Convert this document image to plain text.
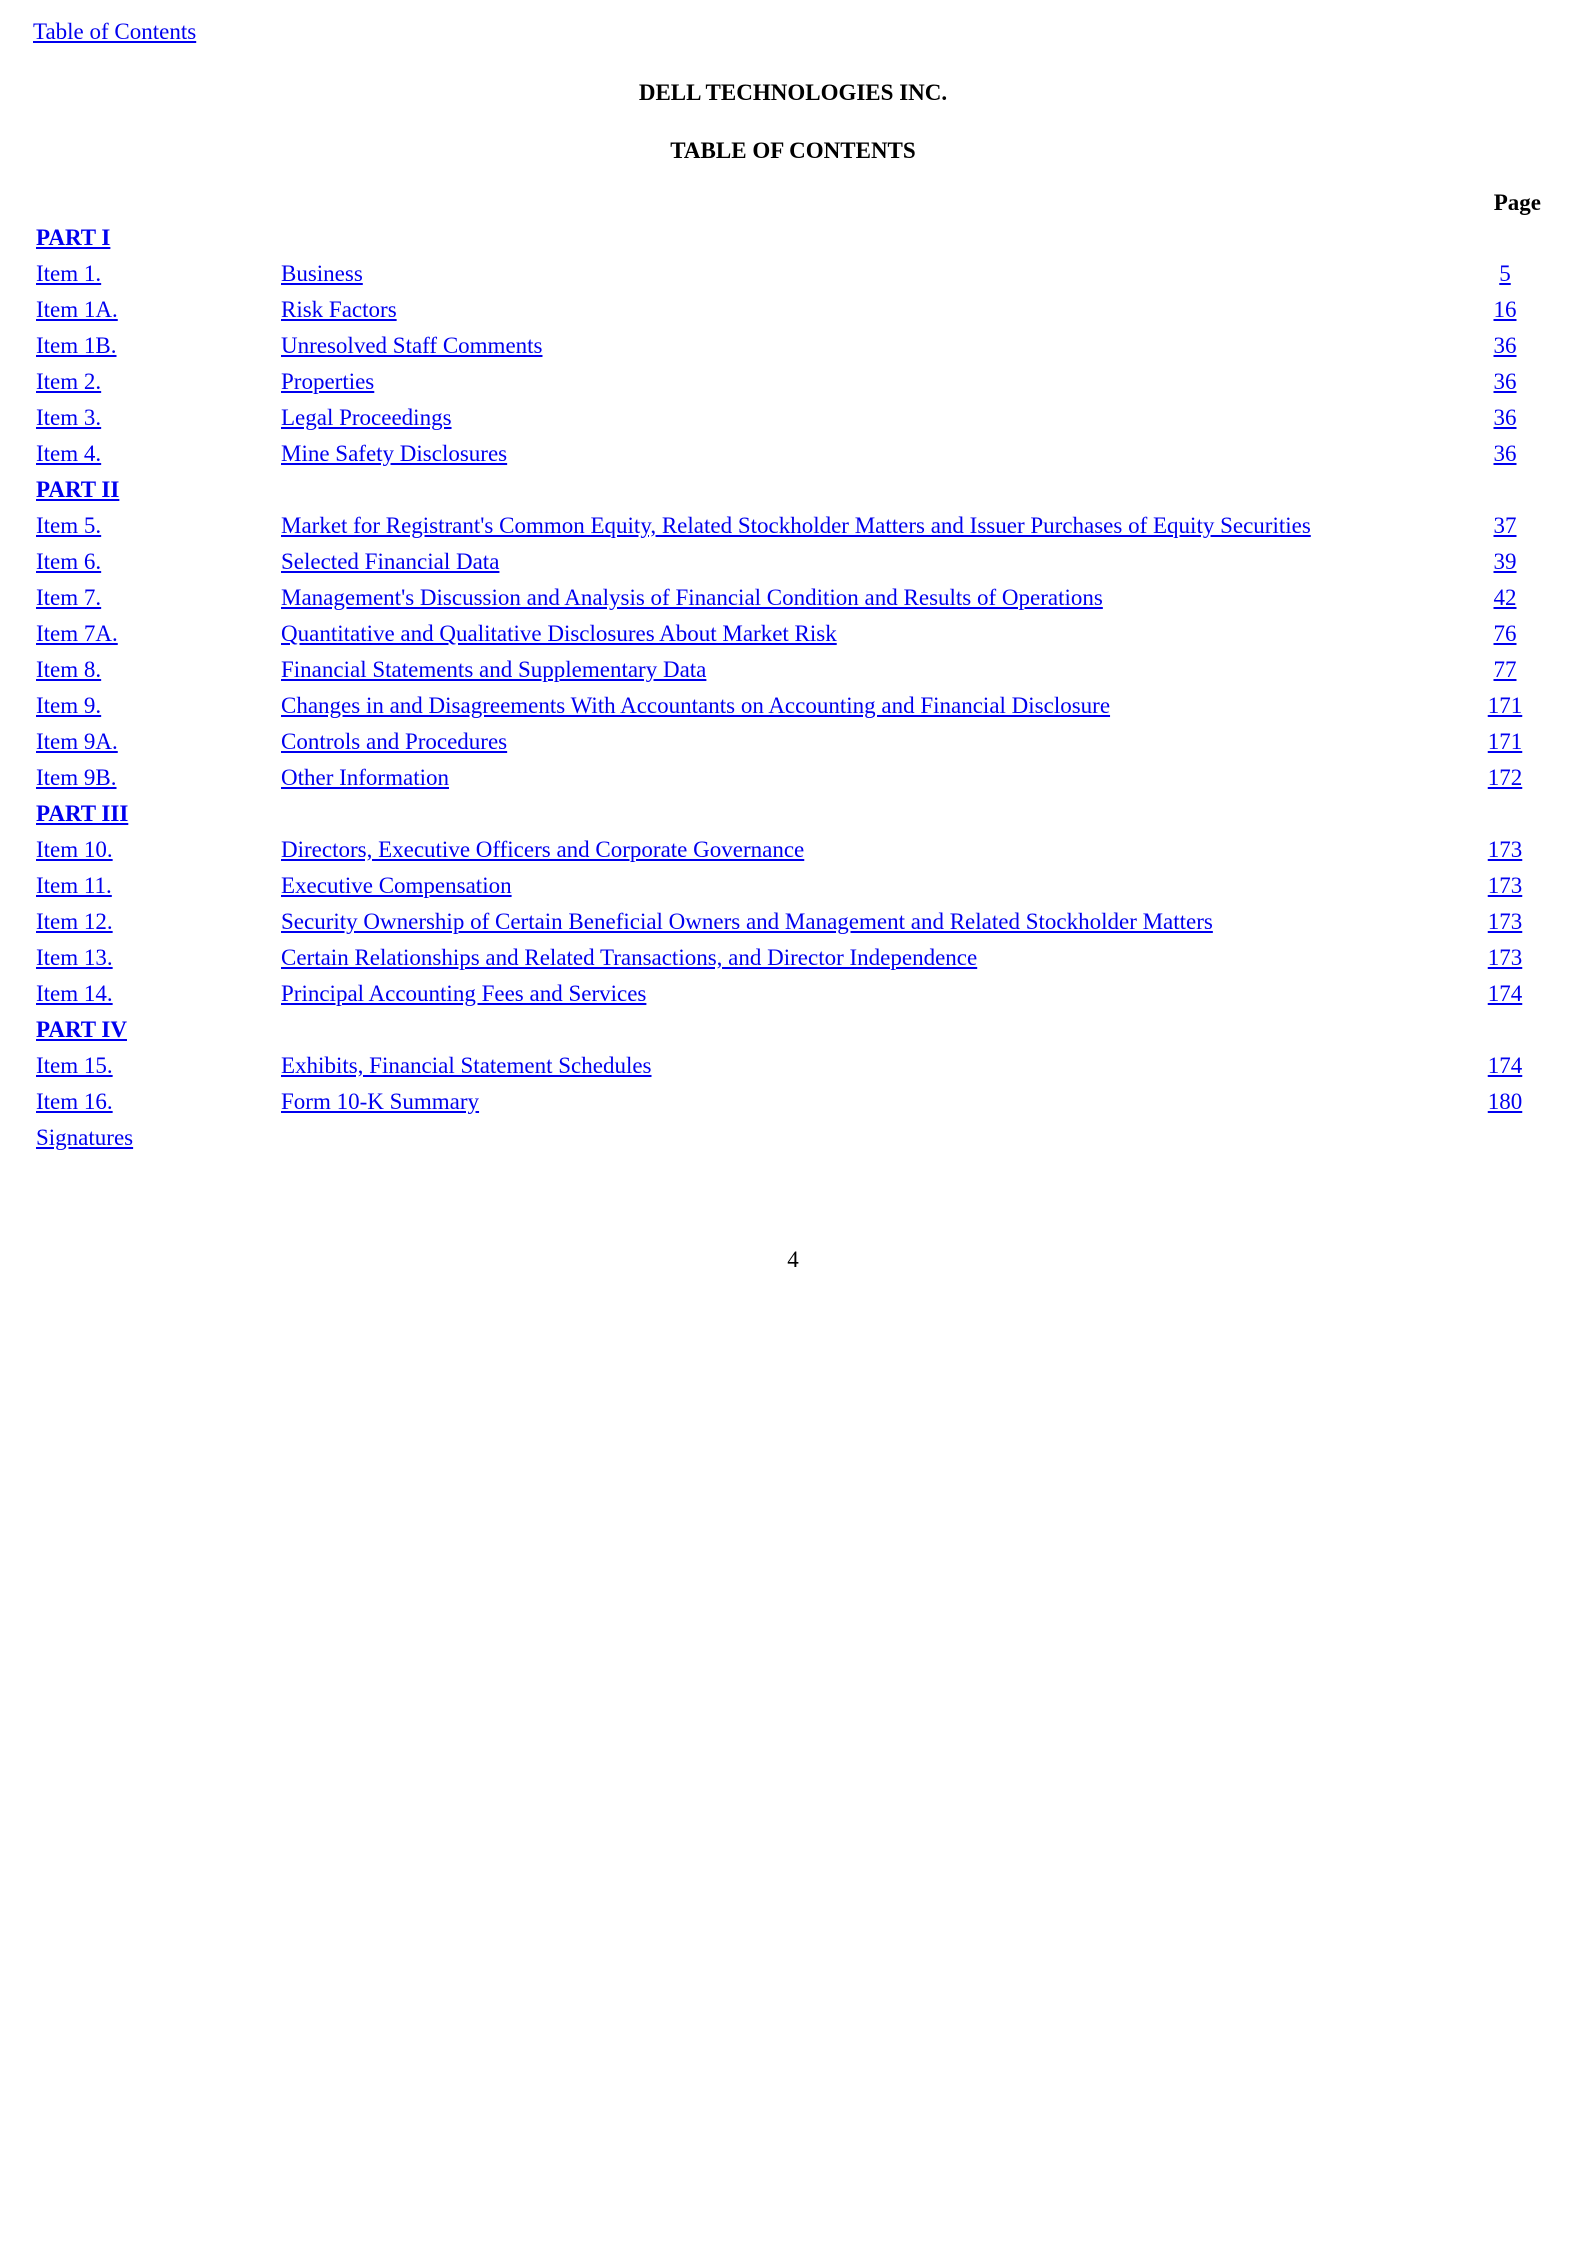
Table of Contents
DELL TECHNOLOGIES INC.
TABLE OF CONTENTS
Page
PART I
Item 1.	Business	5
Item 1A.	Risk Factors	16
Item 1B.	Unresolved Staff Comments	36
Item 2.	Properties	36
Item 3.	Legal Proceedings	36
Item 4.	Mine Safety Disclosures	36
PART II
Item 5.	Market for Registrant's Common Equity, Related Stockholder Matters and Issuer Purchases of Equity Securities	37
Item 6.	Selected Financial Data	39
Item 7.	Management's Discussion and Analysis of Financial Condition and Results of Operations	42
Item 7A.	Quantitative and Qualitative Disclosures About Market Risk	76
Item 8.	Financial Statements and Supplementary Data	77
Item 9.	Changes in and Disagreements With Accountants on Accounting and Financial Disclosure	171
Item 9A.	Controls and Procedures	171
Item 9B.	Other Information	172
PART III
Item 10.	Directors, Executive Officers and Corporate Governance	173
Item 11.	Executive Compensation	173
Item 12.	Security Ownership of Certain Beneficial Owners and Management and Related Stockholder Matters	173
Item 13.	Certain Relationships and Related Transactions, and Director Independence	173
Item 14.	Principal Accounting Fees and Services	174
PART IV
Item 15.	Exhibits, Financial Statement Schedules	174
Item 16.	Form 10-K Summary	180
Signatures
4
